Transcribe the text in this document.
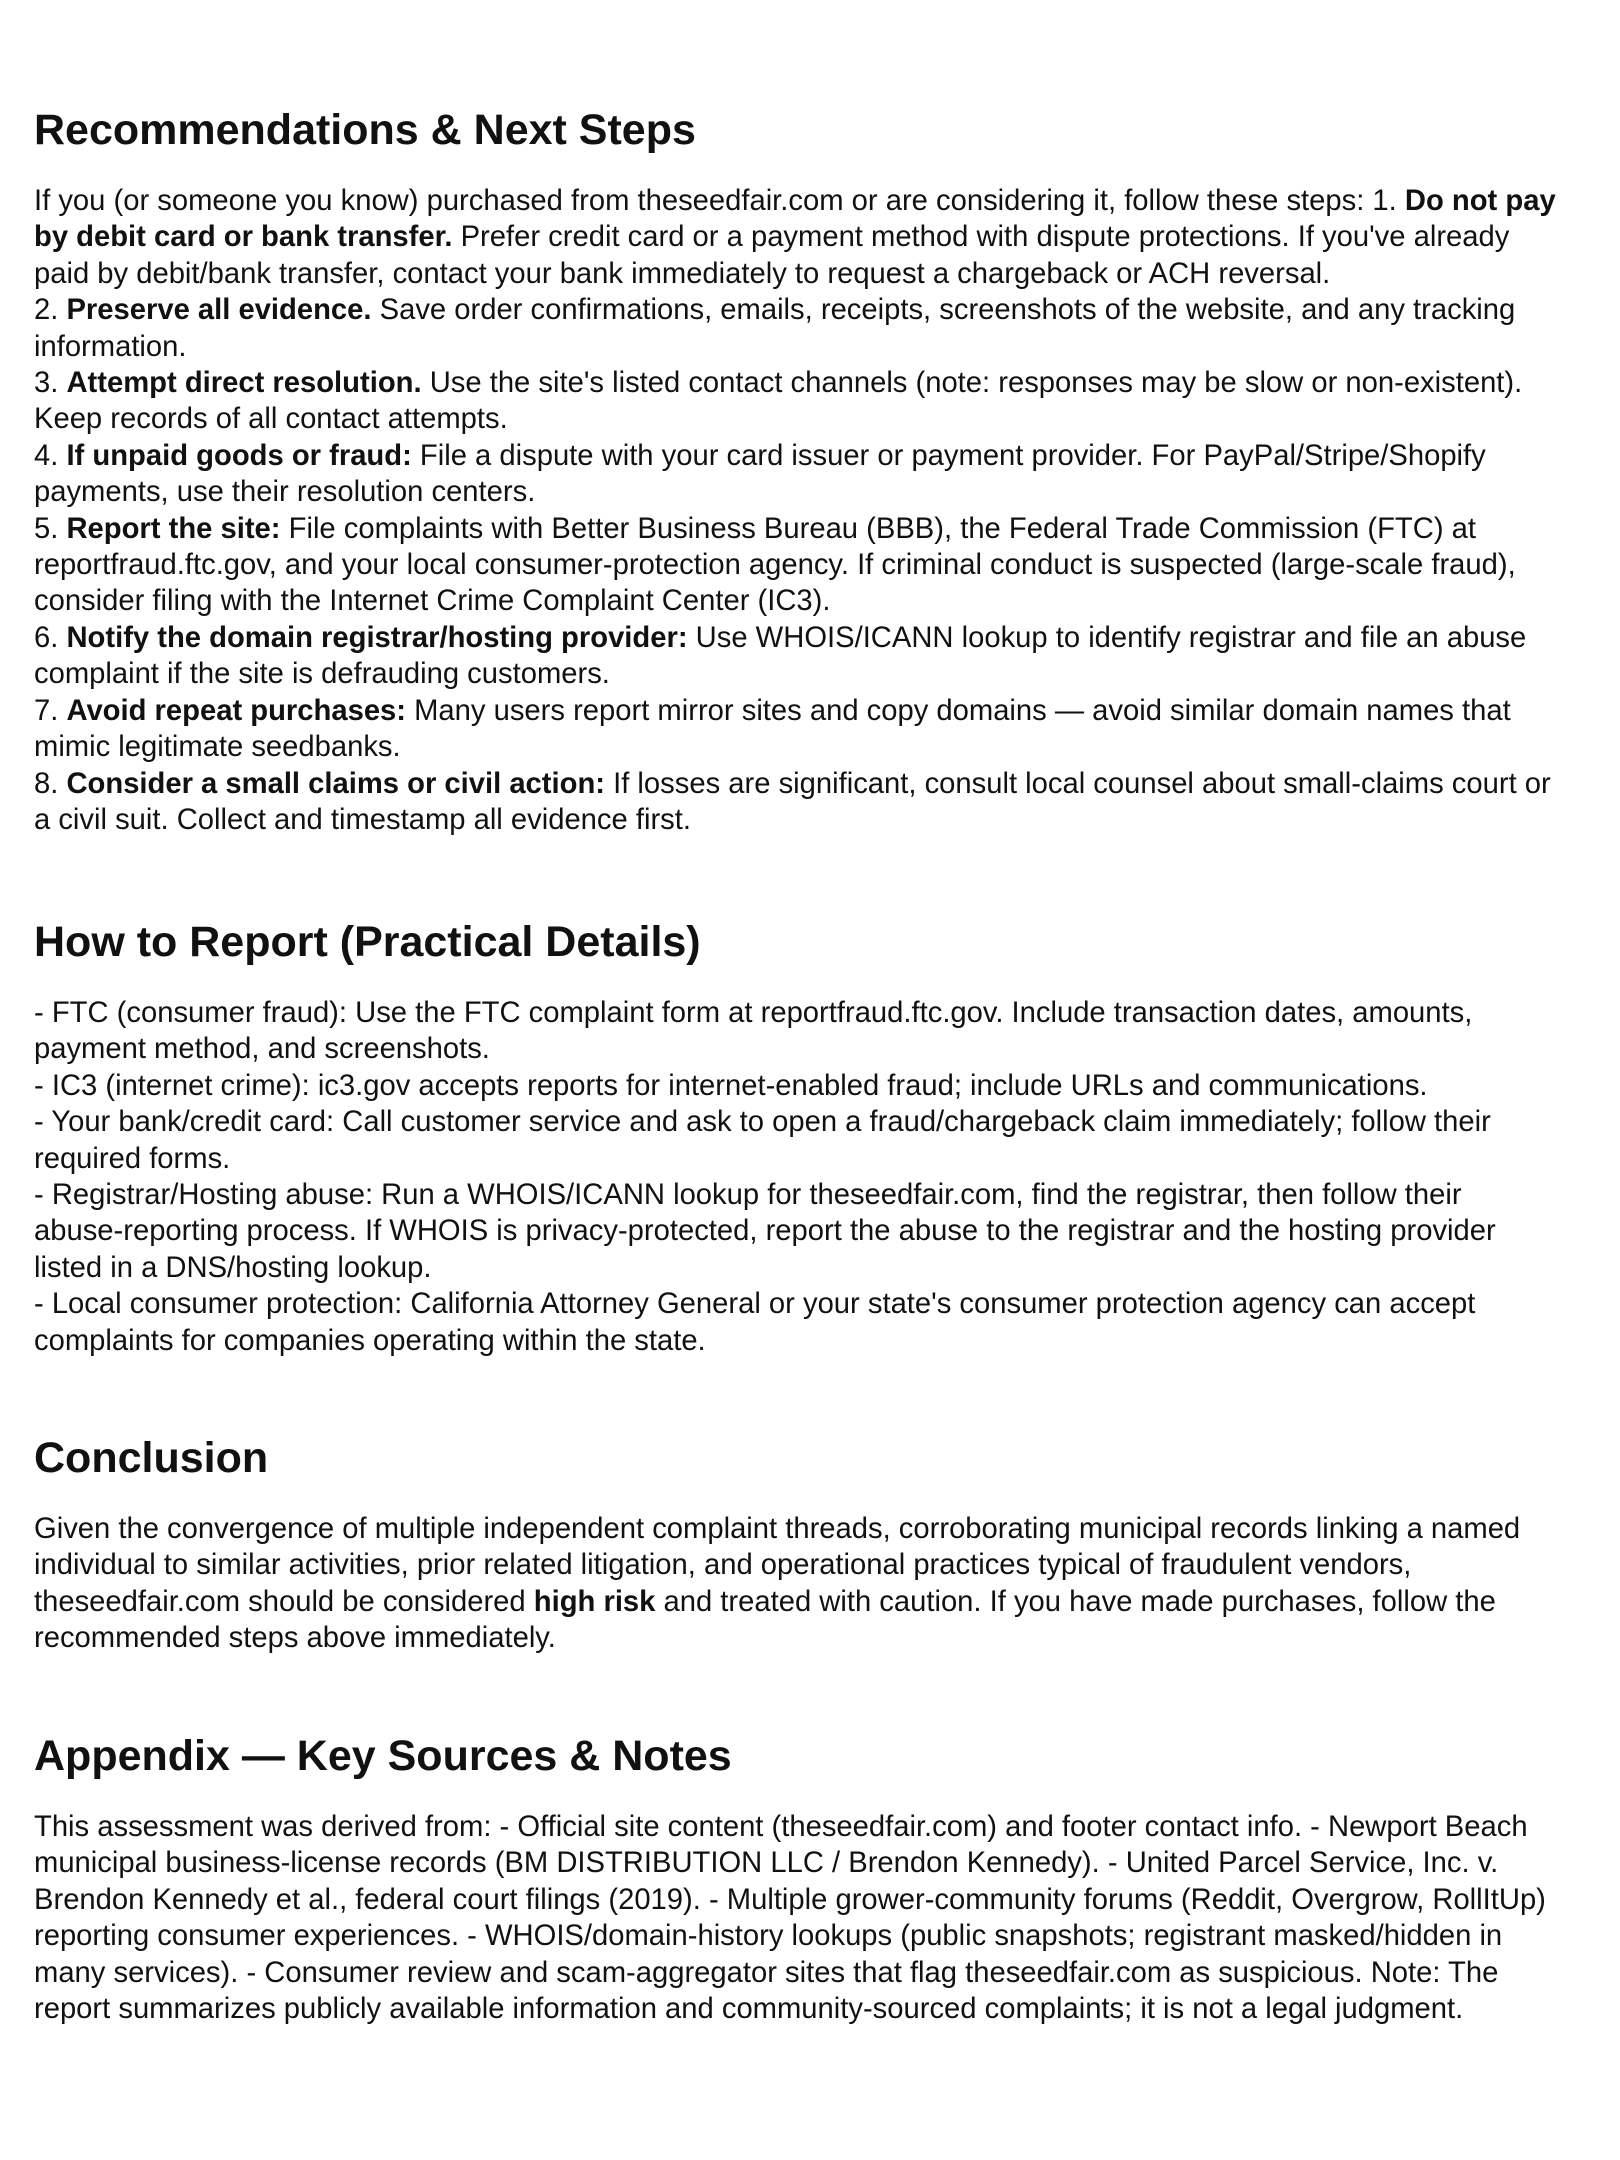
Recommendations & Next Steps
If you (or someone you know) purchased from theseedfair.com or are considering it, follow these steps: 1. Do not pay
by debit card or bank transfer. Prefer credit card or a payment method with dispute protections. If you've already
paid by debit/bank transfer, contact your bank immediately to request a chargeback or ACH reversal.
2. Preserve all evidence. Save order confirmations, emails, receipts, screenshots of the website, and any tracking
information.
3. Attempt direct resolution. Use the site's listed contact channels (note: responses may be slow or non-existent).
Keep records of all contact attempts.
4. If unpaid goods or fraud: File a dispute with your card issuer or payment provider. For PayPal/Stripe/Shopify
payments, use their resolution centers.
5. Report the site: File complaints with Better Business Bureau (BBB), the Federal Trade Commission (FTC) at
reportfraud.ftc.gov, and your local consumer-protection agency. If criminal conduct is suspected (large-scale fraud),
consider filing with the Internet Crime Complaint Center (IC3).
6. Notify the domain registrar/hosting provider: Use WHOIS/ICANN lookup to identify registrar and file an abuse
complaint if the site is defrauding customers.
7. Avoid repeat purchases: Many users report mirror sites and copy domains — avoid similar domain names that
mimic legitimate seedbanks.
8. Consider a small claims or civil action: If losses are significant, consult local counsel about small-claims court or
a civil suit. Collect and timestamp all evidence first.
How to Report (Practical Details)
- FTC (consumer fraud): Use the FTC complaint form at reportfraud.ftc.gov. Include transaction dates, amounts,
payment method, and screenshots.
- IC3 (internet crime): ic3.gov accepts reports for internet-enabled fraud; include URLs and communications.
- Your bank/credit card: Call customer service and ask to open a fraud/chargeback claim immediately; follow their
required forms.
- Registrar/Hosting abuse: Run a WHOIS/ICANN lookup for theseedfair.com, find the registrar, then follow their
abuse-reporting process. If WHOIS is privacy-protected, report the abuse to the registrar and the hosting provider
listed in a DNS/hosting lookup.
- Local consumer protection: California Attorney General or your state's consumer protection agency can accept
complaints for companies operating within the state.
Conclusion
Given the convergence of multiple independent complaint threads, corroborating municipal records linking a named
individual to similar activities, prior related litigation, and operational practices typical of fraudulent vendors,
theseedfair.com should be considered high risk and treated with caution. If you have made purchases, follow the
recommended steps above immediately.
Appendix — Key Sources & Notes
This assessment was derived from: - Official site content (theseedfair.com) and footer contact info. - Newport Beach
municipal business-license records (BM DISTRIBUTION LLC / Brendon Kennedy). - United Parcel Service, Inc. v.
Brendon Kennedy et al., federal court filings (2019). - Multiple grower-community forums (Reddit, Overgrow, RollItUp)
reporting consumer experiences. - WHOIS/domain-history lookups (public snapshots; registrant masked/hidden in
many services). - Consumer review and scam-aggregator sites that flag theseedfair.com as suspicious. Note: The
report summarizes publicly available information and community-sourced complaints; it is not a legal judgment.
